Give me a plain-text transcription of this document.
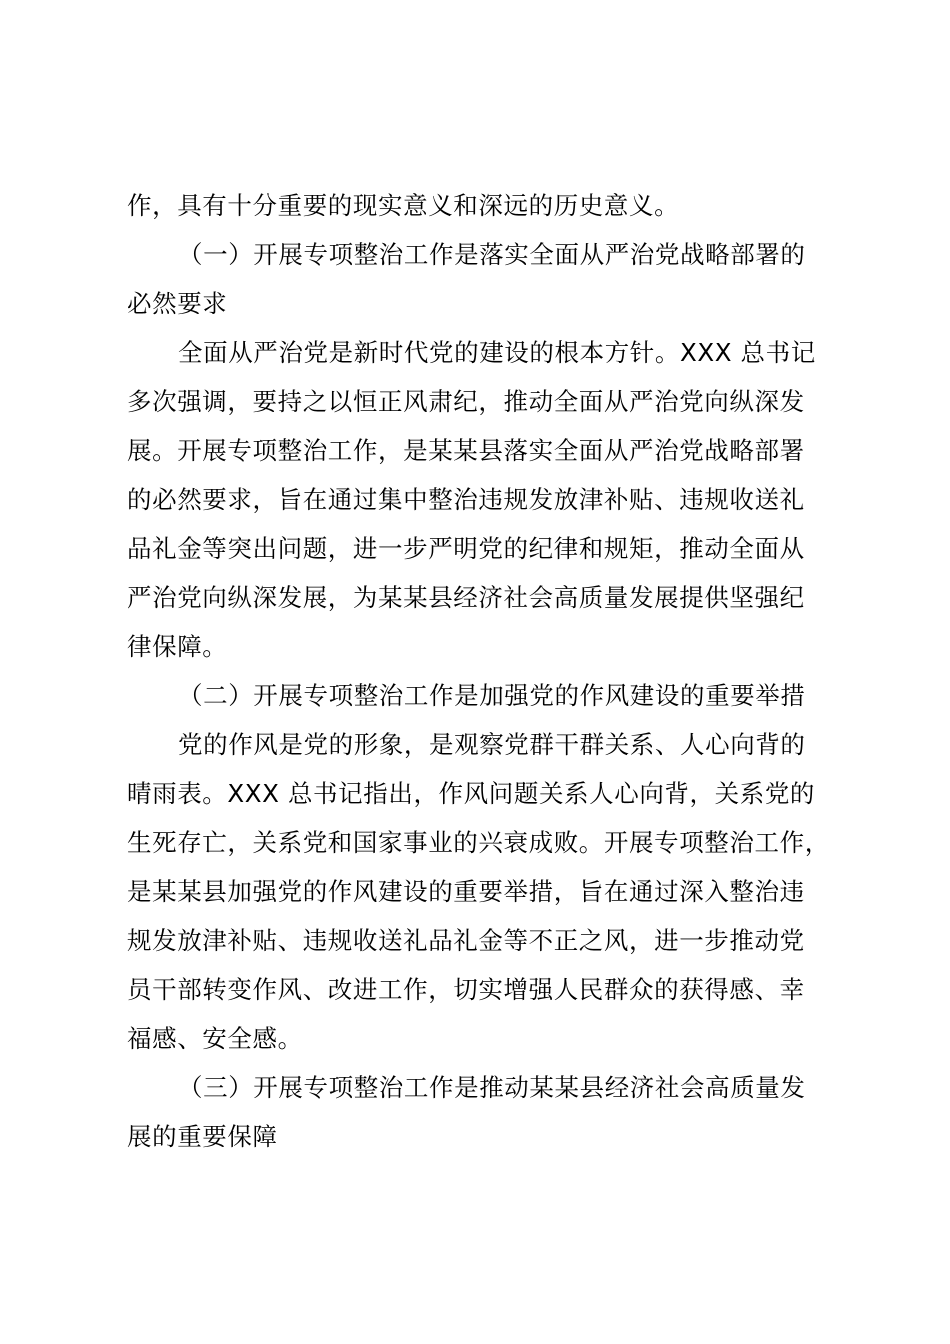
作，具有十分重要的现实意义和深远的历史意义。
（一）开展专项整治工作是落实全面从严治党战略部署的
必然要求
全面从严治党是新时代党的建设的根本方针。XXX 总书记
多次强调，要持之以恒正风肃纪，推动全面从严治党向纵深发
展。开展专项整治工作，是某某县落实全面从严治党战略部署
的必然要求，旨在通过集中整治违规发放津补贴、违规收送礼
品礼金等突出问题，进一步严明党的纪律和规矩，推动全面从
严治党向纵深发展，为某某县经济社会高质量发展提供坚强纪
律保障。
（二）开展专项整治工作是加强党的作风建设的重要举措
党的作风是党的形象，是观察党群干群关系、人心向背的
晴雨表。XXX 总书记指出，作风问题关系人心向背，关系党的
生死存亡，关系党和国家事业的兴衰成败。开展专项整治工作，
是某某县加强党的作风建设的重要举措，旨在通过深入整治违
规发放津补贴、违规收送礼品礼金等不正之风，进一步推动党
员干部转变作风、改进工作，切实增强人民群众的获得感、幸
福感、安全感。
（三）开展专项整治工作是推动某某县经济社会高质量发
展的重要保障
